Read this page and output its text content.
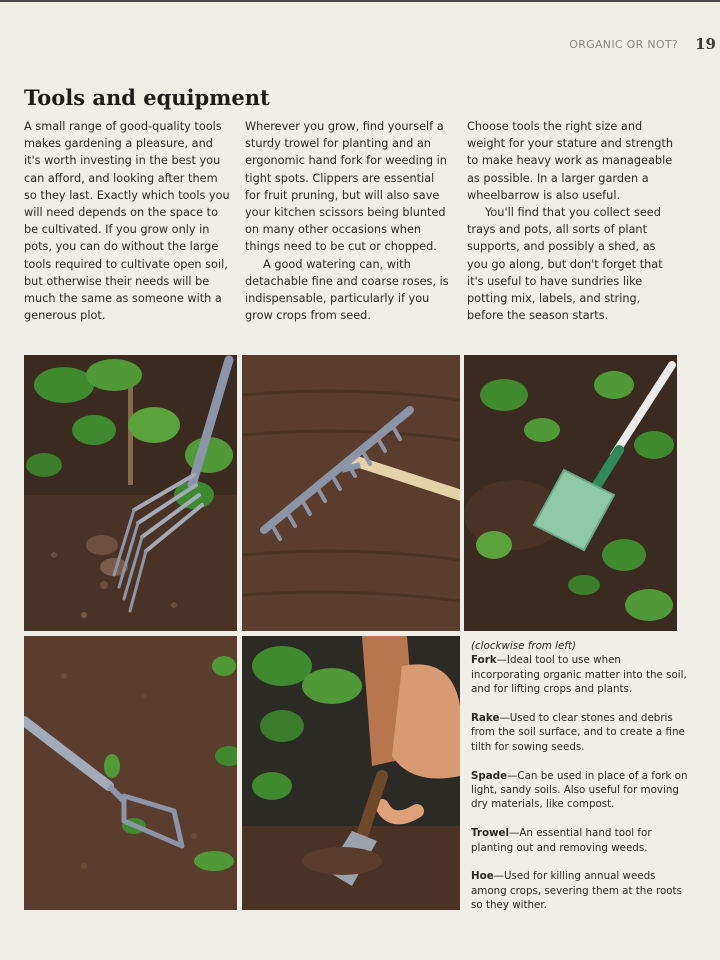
ORGANIC OR NOT? 19
Tools and equipment

A small range of good-quality tools makes gardening a pleasure, and it's worth investing in the best you can afford, and looking after them so they last. Exactly which tools you will need depends on the space to be cultivated. If you grow only in pots, you can do without the large tools required to cultivate open soil, but otherwise their needs will be much the same as someone with a generous plot.

Wherever you grow, find yourself a sturdy trowel for planting and an ergonomic hand fork for weeding in tight spots. Clippers are essential for fruit pruning, but will also save your kitchen scissors being blunted on many other occasions when things need to be cut or chopped.

A good watering can, with detachable fine and coarse roses, is indispensable, particularly if you grow crops from seed.

Choose tools the right size and weight for your stature and strength to make heavy work as manageable as possible. In a larger garden a wheelbarrow is also useful.

You'll find that you collect seed trays and pots, all sorts of plant supports, and possibly a shed, as you go along, but don't forget that it's useful to have sundries like potting mix, labels, and string, before the season starts.

(clockwise from left)

Fork—Ideal tool to use when incorporating organic matter into the soil, and for lifting crops and plants.

Rake—Used to clear stones and debris from the soil surface, and to create a fine tilth for sowing seeds.

Spade—Can be used in place of a fork on light, sandy soils. Also useful for moving dry materials, like compost.

Trowel—An essential hand tool for planting out and removing weeds.

Hoe—Used for killing annual weeds among crops, severing them at the roots so they wither.
